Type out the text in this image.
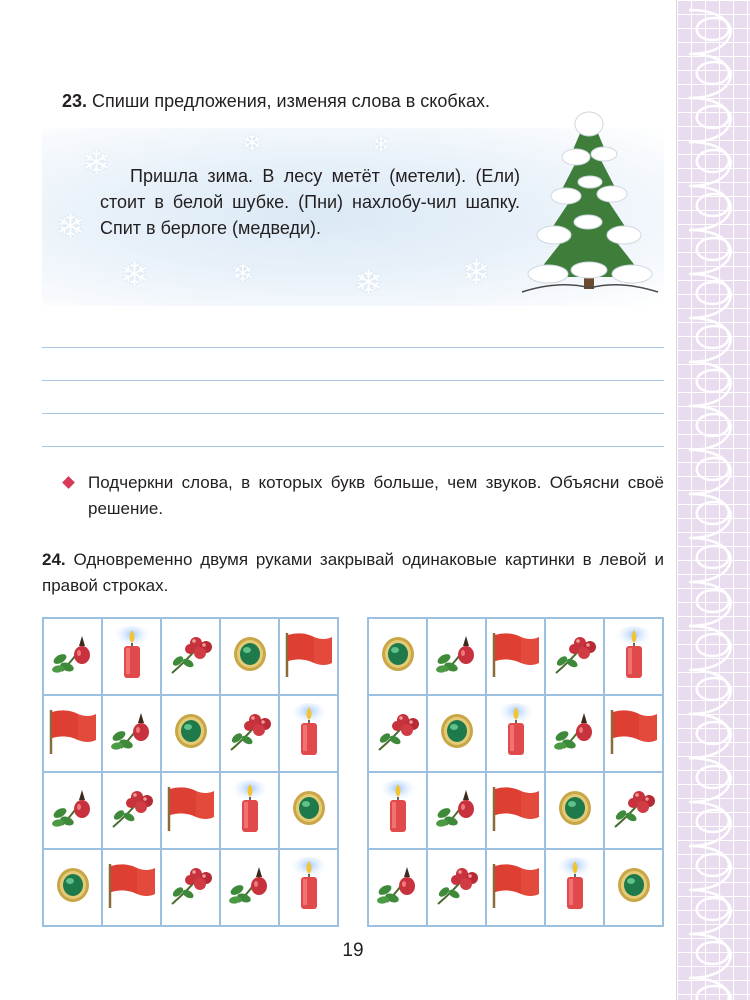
23. Спиши предложения, изменяя слова в скобках.
❄
❄
❄	❄	❄ ❄
❄	❄

Пришла зима. В лесу метёт (метели). (Ели) стоит в белой шубке. (Пни) нахлобу-чил шапку. Спит в берлоге (медведи).

Подчеркни слова, в которых букв больше, чем звуков. Объясни своё решение.
24. Одновременно двумя руками закрывай одинаковые картинки в левой и правой строках.
19
